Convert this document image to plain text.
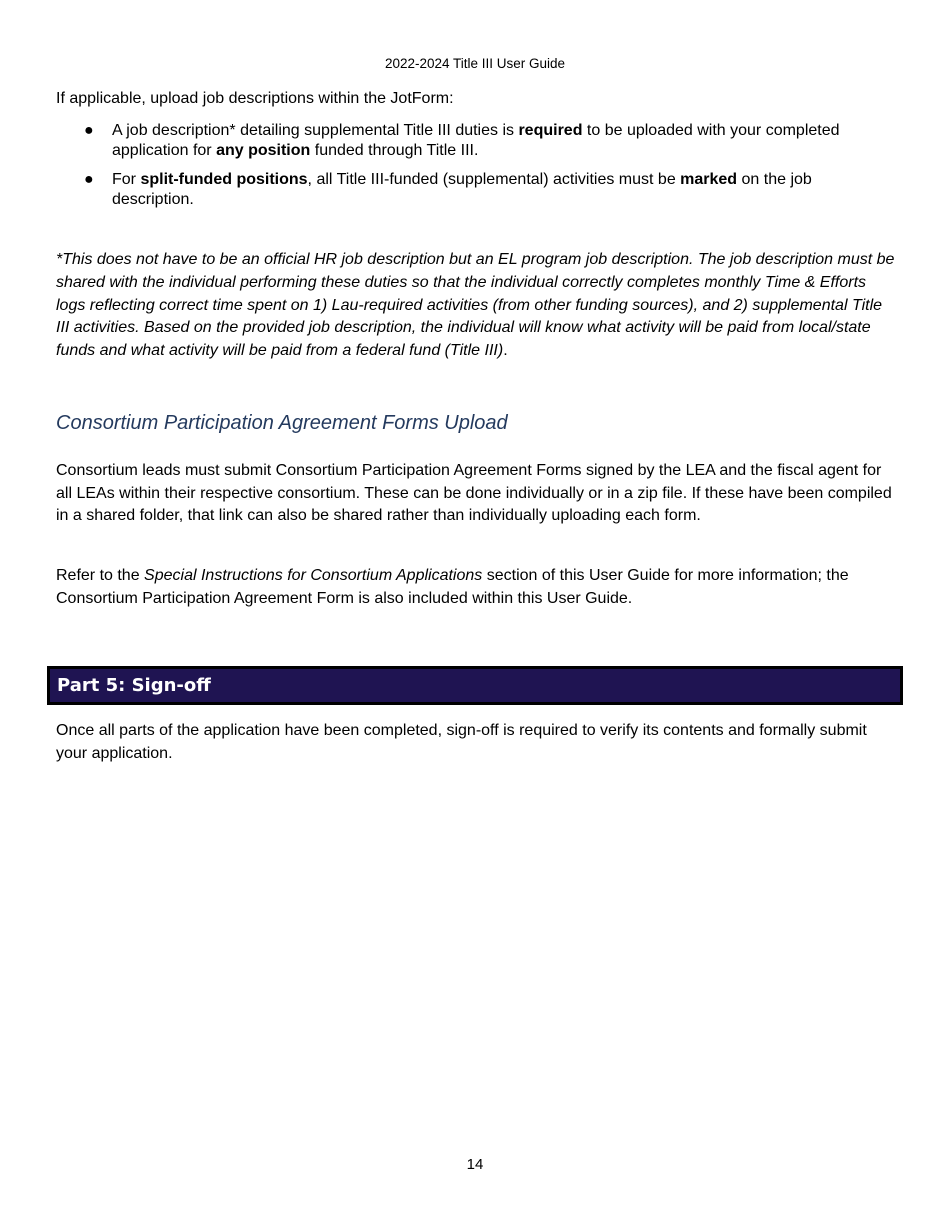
2022-2024 Title III User Guide

If applicable, upload job descriptions within the JotForm:

● A job description* detailing supplemental Title III duties is required to be uploaded with your completed application for any position funded through Title III.
● For split-funded positions, all Title III-funded (supplemental) activities must be marked on the job description.

*This does not have to be an official HR job description but an EL program job description. The job description must be shared with the individual performing these duties so that the individual correctly completes monthly Time & Efforts logs reflecting correct time spent on 1) Lau-required activities (from other funding sources), and 2) supplemental Title III activities. Based on the provided job description, the individual will know what activity will be paid from local/state funds and what activity will be paid from a federal fund (Title III).

Consortium Participation Agreement Forms Upload

Consortium leads must submit Consortium Participation Agreement Forms signed by the LEA and the fiscal agent for all LEAs within their respective consortium. These can be done individually or in a zip file. If these have been compiled in a shared folder, that link can also be shared rather than individually uploading each form.

Refer to the Special Instructions for Consortium Applications section of this User Guide for more information; the Consortium Participation Agreement Form is also included within this User Guide.

Part 5: Sign-off

Once all parts of the application have been completed, sign-off is required to verify its contents and formally submit your application.

14
